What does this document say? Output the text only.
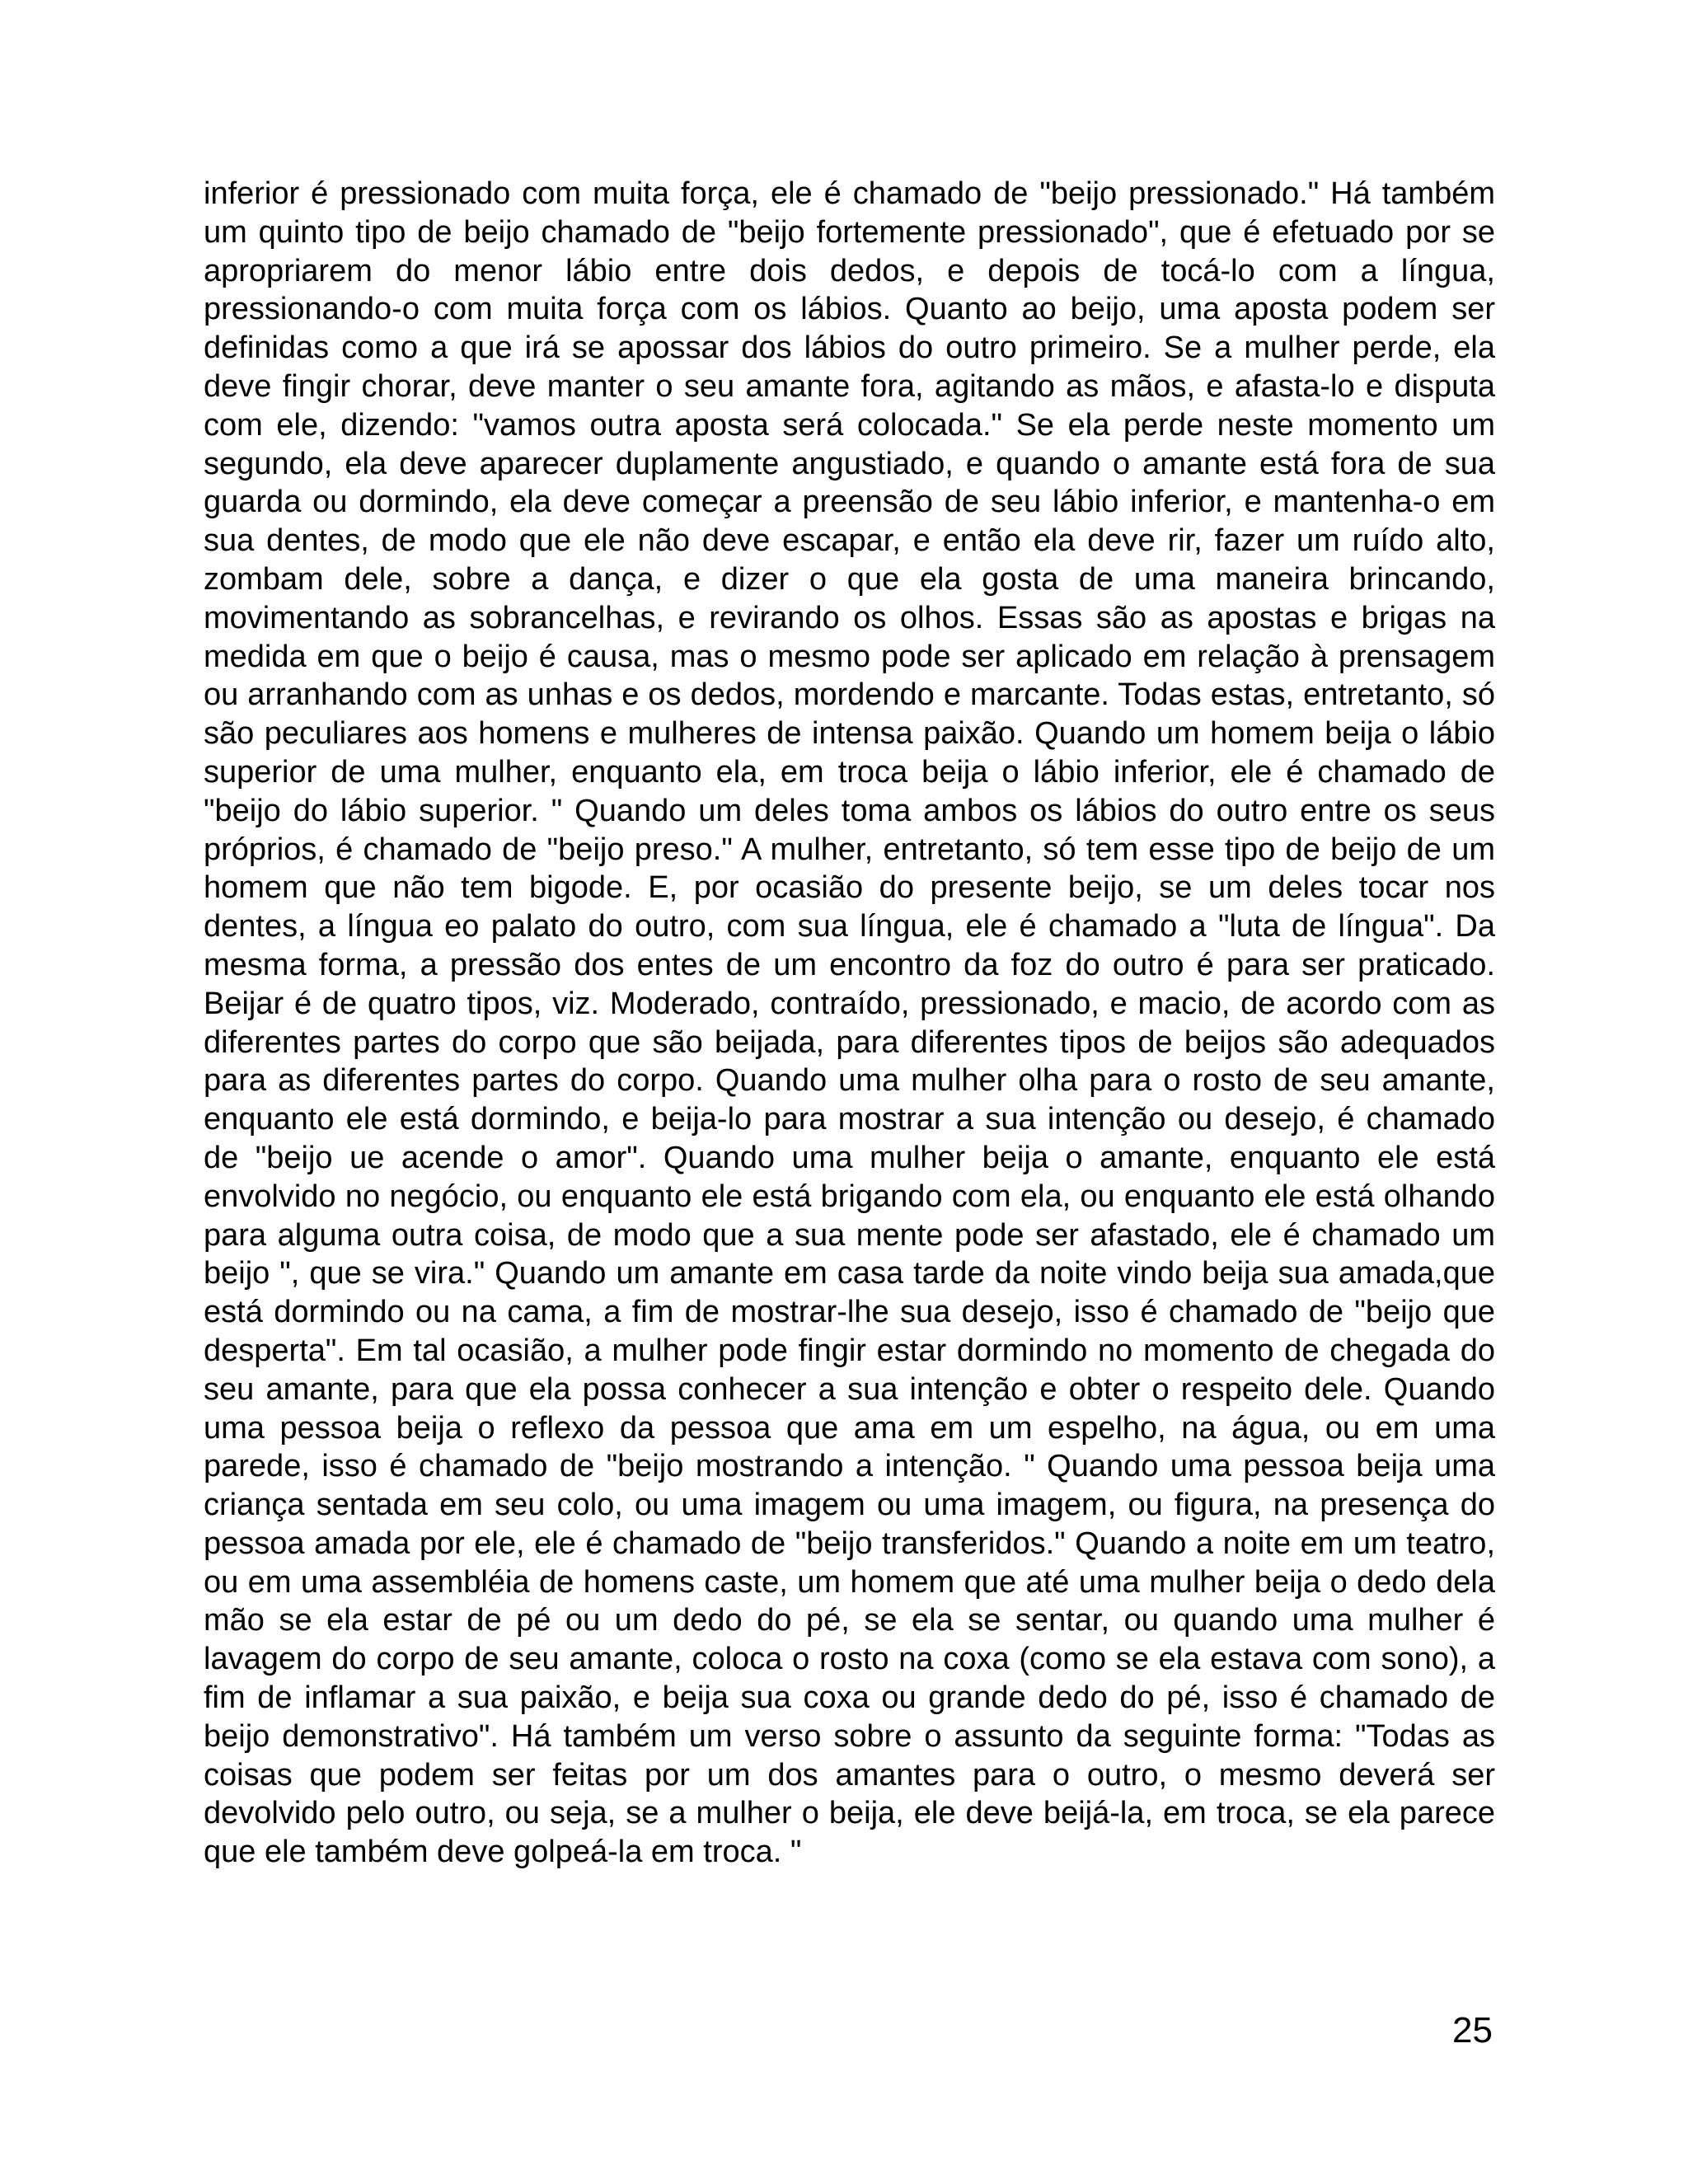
inferior é pressionado com muita força, ele é chamado de "beijo pressionado." Há também um quinto tipo de beijo chamado de "beijo fortemente pressionado", que é efetuado por se apropriarem do menor lábio entre dois dedos, e depois de tocá-lo com a língua, pressionando-o com muita força com os lábios. Quanto ao beijo, uma aposta podem ser definidas como a que irá se apossar dos lábios do outro primeiro. Se a mulher perde, ela deve fingir chorar, deve manter o seu amante fora, agitando as mãos, e afasta-lo e disputa com ele, dizendo: "vamos outra aposta será colocada." Se ela perde neste momento um segundo, ela deve aparecer duplamente angustiado, e quando o amante está fora de sua guarda ou dormindo, ela deve começar a preensão de seu lábio inferior, e mantenha-o em sua dentes, de modo que ele não deve escapar, e então ela deve rir, fazer um ruído alto, zombam dele, sobre a dança, e dizer o que ela gosta de uma maneira brincando, movimentando as sobrancelhas, e revirando os olhos. Essas são as apostas e brigas na medida em que o beijo é causa, mas o mesmo pode ser aplicado em relação à prensagem ou arranhando com as unhas e os dedos, mordendo e marcante. Todas estas, entretanto, só são peculiares aos homens e mulheres de intensa paixão. Quando um homem beija o lábio superior de uma mulher, enquanto ela, em troca beija o lábio inferior, ele é chamado de "beijo do lábio superior. " Quando um deles toma ambos os lábios do outro entre os seus próprios, é chamado de "beijo preso." A mulher, entretanto, só tem esse tipo de beijo de um homem que não tem bigode. E, por ocasião do presente beijo, se um deles tocar nos dentes, a língua eo palato do outro, com sua língua, ele é chamado a "luta de língua". Da mesma forma, a pressão dos entes de um encontro da foz do outro é para ser praticado. Beijar é de quatro tipos, viz. Moderado, contraído, pressionado, e macio, de acordo com as diferentes partes do corpo que são beijada, para diferentes tipos de beijos são adequados para as diferentes partes do corpo. Quando uma mulher olha para o rosto de seu amante, enquanto ele está dormindo, e beija-lo para mostrar a sua intenção ou desejo, é chamado de "beijo ue acende o amor". Quando uma mulher beija o amante, enquanto ele está envolvido no negócio, ou enquanto ele está brigando com ela, ou enquanto ele está olhando para alguma outra coisa, de modo que a sua mente pode ser afastado, ele é chamado um beijo ", que se vira." Quando um amante em casa tarde da noite vindo beija sua amada,que está dormindo ou na cama, a fim de mostrar-lhe sua desejo, isso é chamado de "beijo que desperta". Em tal ocasião, a mulher pode fingir estar dormindo no momento de chegada do seu amante, para que ela possa conhecer a sua intenção e obter o respeito dele. Quando uma pessoa beija o reflexo da pessoa que ama em um espelho, na água, ou em uma parede, isso é chamado de "beijo mostrando a intenção. " Quando uma pessoa beija uma criança sentada em seu colo, ou uma imagem ou uma imagem, ou figura, na presença do pessoa amada por ele, ele é chamado de "beijo transferidos." Quando a noite em um teatro, ou em uma assembléia de homens caste, um homem que até uma mulher beija o dedo dela mão se ela estar de pé ou um dedo do pé, se ela se sentar, ou quando uma mulher é lavagem do corpo de seu amante, coloca o rosto na coxa (como se ela estava com sono), a fim de inflamar a sua paixão, e beija sua coxa ou grande dedo do pé, isso é chamado de beijo demonstrativo". Há também um verso sobre o assunto da seguinte forma: "Todas as coisas que podem ser feitas por um dos amantes para o outro, o mesmo deverá ser devolvido pelo outro, ou seja, se a mulher o beija, ele deve beijá-la, em troca, se ela parece que ele também deve golpeá-la em troca. "

25
